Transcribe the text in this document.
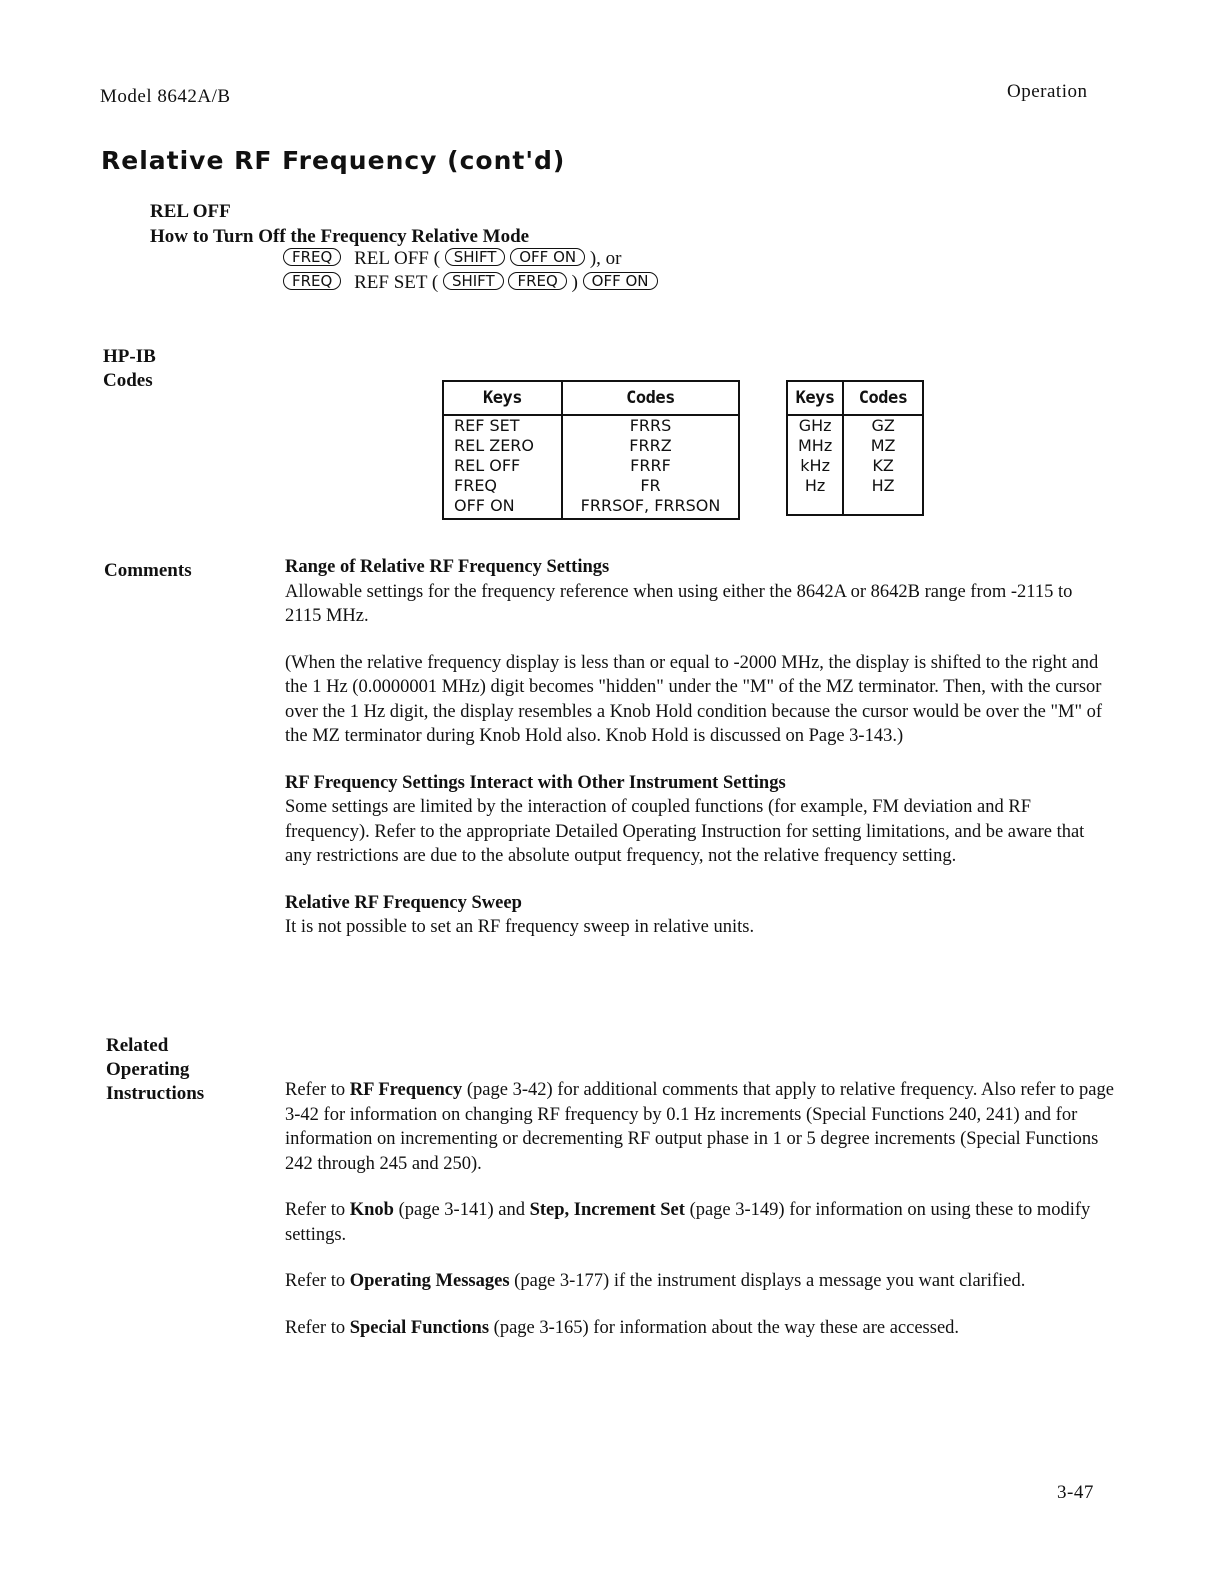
Model 8642A/B	Operation
Relative RF Frequency (cont'd)
REL OFF
How to Turn Off the Frequency Relative Mode
FREQ REL OFF ( SHIFT OFF ON ), or
FREQ REF SET ( SHIFT FREQ ) OFF ON
HP-IB
Codes
Keys	Codes
REF SET	FRRS
REL ZERO	FRRZ
REL OFF	FRRF
FREQ	FR
OFF ON	FRRSOF, FRRSON
Keys	Codes
GHz	GZ
MHz	MZ
kHz	KZ
Hz	HZ
Comments	Range of Relative RF Frequency Settings

Allowable settings for the frequency reference when using either the 8642A or 8642B range from -2115 to 2115 MHz.

(When the relative frequency display is less than or equal to -2000 MHz, the display is shifted to the right and the 1 Hz (0.0000001 MHz) digit becomes "hidden" under the "M" of the MZ terminator. Then, with the cursor over the 1 Hz digit, the display resembles a Knob Hold condition because the cursor would be over the "M" of the MZ terminator during Knob Hold also. Knob Hold is discussed on Page 3-143.)

RF Frequency Settings Interact with Other Instrument Settings

Some settings are limited by the interaction of coupled functions (for example, FM deviation and RF frequency). Refer to the appropriate Detailed Operating Instruction for setting limitations, and be aware that any restrictions are due to the absolute output frequency, not the relative frequency setting.

Relative RF Frequency Sweep

It is not possible to set an RF frequency sweep in relative units.

Related
Operating
Instructions	Refer to RF Frequency (page 3-42) for additional comments that apply to relative frequency. Also refer to page 3-42 for information on changing RF frequency by 0.1 Hz increments (Special Functions 240, 241) and for information on incrementing or decrementing RF output phase in 1 or 5 degree increments (Special Functions 242 through 245 and 250).

Refer to Knob (page 3-141) and Step, Increment Set (page 3-149) for information on using these to modify settings.

Refer to Operating Messages (page 3-177) if the instrument displays a message you want clarified.

Refer to Special Functions (page 3-165) for information about the way these are accessed.

3-47
